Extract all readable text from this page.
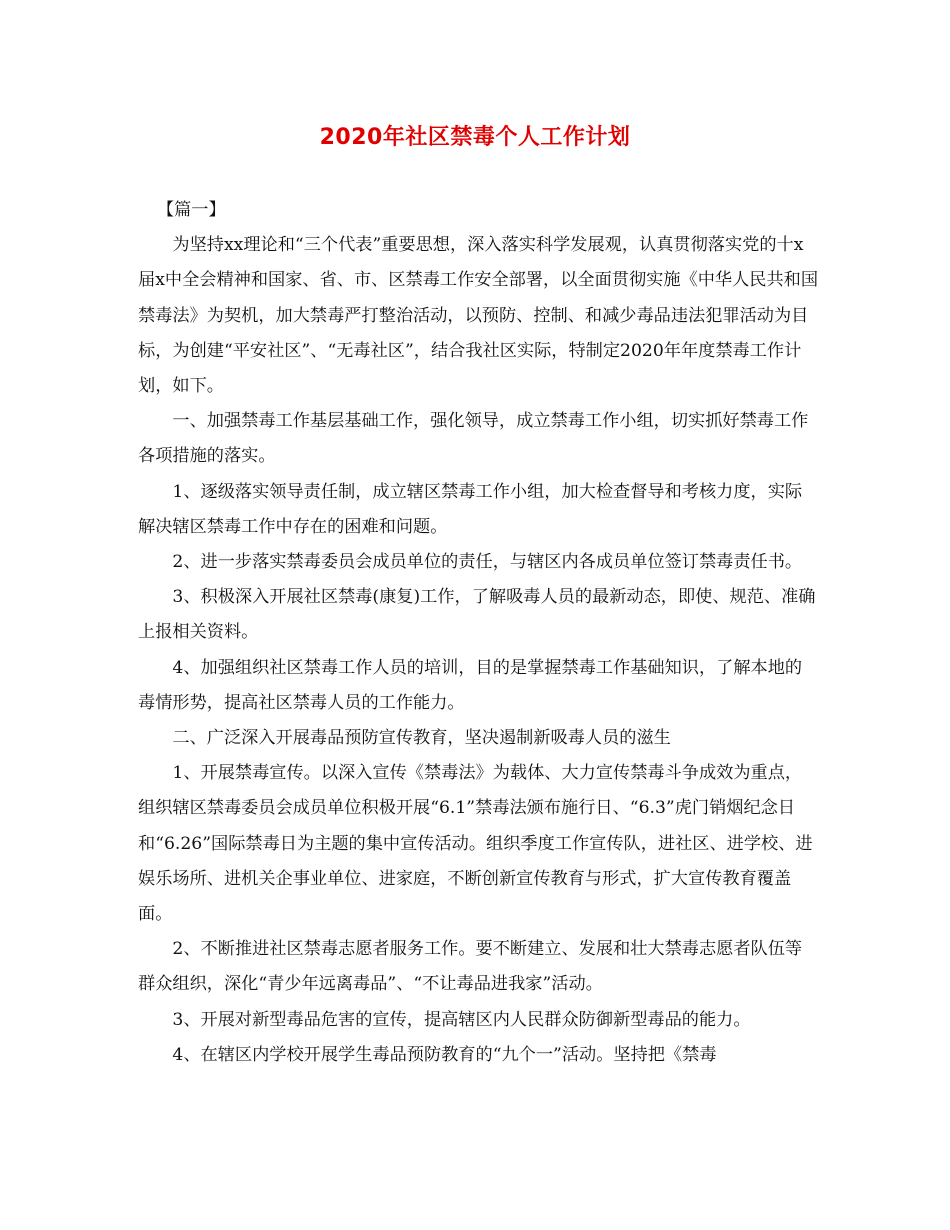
2020年社区禁毒个人工作计划

【篇一】

为坚持xx理论和“三个代表”重要思想，深入落实科学发展观，认真贯彻落实党的十x届x中全会精神和国家、省、市、区禁毒工作安全部署，以全面贯彻实施《中华人民共和国禁毒法》为契机，加大禁毒严打整治活动，以预防、控制、和减少毒品违法犯罪活动为目标，为创建“平安社区”、“无毒社区”，结合我社区实际，特制定2020年年度禁毒工作计划，如下。

一、加强禁毒工作基层基础工作，强化领导，成立禁毒工作小组，切实抓好禁毒工作各项措施的落实。

1、逐级落实领导责任制，成立辖区禁毒工作小组，加大检查督导和考核力度，实际解决辖区禁毒工作中存在的困难和问题。

2、进一步落实禁毒委员会成员单位的责任，与辖区内各成员单位签订禁毒责任书。

3、积极深入开展社区禁毒(康复)工作，了解吸毒人员的最新动态，即使、规范、准确上报相关资料。

4、加强组织社区禁毒工作人员的培训，目的是掌握禁毒工作基础知识，了解本地的毒情形势，提高社区禁毒人员的工作能力。

二、广泛深入开展毒品预防宣传教育，坚决遏制新吸毒人员的滋生

1、开展禁毒宣传。以深入宣传《禁毒法》为载体、大力宣传禁毒斗争成效为重点，组织辖区禁毒委员会成员单位积极开展“6.1”禁毒法颁布施行日、“6.3”虎门销烟纪念日和“6.26”国际禁毒日为主题的集中宣传活动。组织季度工作宣传队，进社区、进学校、进娱乐场所、进机关企事业单位、进家庭，不断创新宣传教育与形式，扩大宣传教育覆盖面。

2、不断推进社区禁毒志愿者服务工作。要不断建立、发展和壮大禁毒志愿者队伍等群众组织，深化“青少年远离毒品”、“不让毒品进我家”活动。

3、开展对新型毒品危害的宣传，提高辖区内人民群众防御新型毒品的能力。

4、在辖区内学校开展学生毒品预防教育的“九个一”活动。坚持把《禁毒
